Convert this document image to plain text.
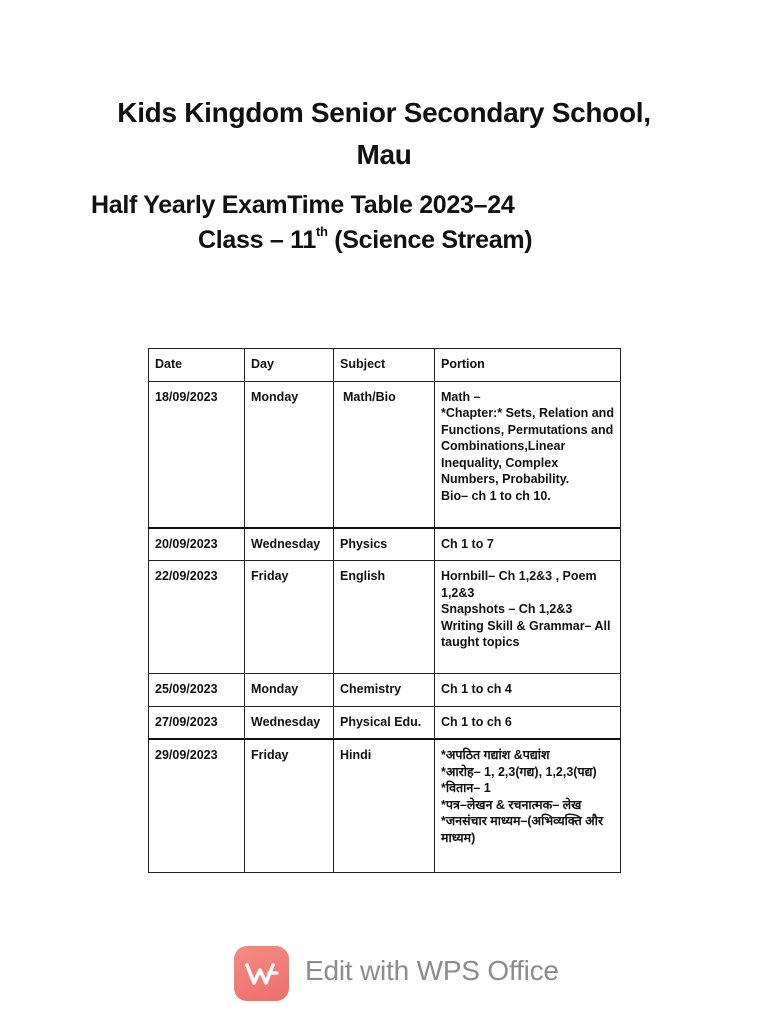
Kids Kingdom Senior Secondary School,
Mau
Half Yearly ExamTime Table 2023–24
Class – 11th (Science Stream)
Date	Day	Subject	Portion
18/09/2023	Monday	Math/Bio	Math –
*Chapter:* Sets, Relation and Functions, Permutations and Combinations,Linear Inequality, Complex Numbers, Probability.
Bio– ch 1 to ch 10.

20/09/2023	Wednesday	Physics	Ch 1 to 7

22/09/2023	Friday	English	Hornbill– Ch 1,2&3 , Poem 1,2&3
Snapshots – Ch 1,2&3
Writing Skill & Grammar– All taught topics

25/09/2023	Monday	Chemistry	Ch 1 to ch 4

27/09/2023	Wednesday	Physical Edu.	Ch 1 to ch 6

29/09/2023	Friday	Hindi	*अपठित गद्यांश &पद्यांश
*आरोह– 1, 2,3(गद्य), 1,2,3(पद्य)
*वितान– 1
*पत्र–लेखन & रचनात्मक– लेख
*जनसंचार माध्यम–(अभिव्यक्ति और माध्यम)
Edit with WPS Office
